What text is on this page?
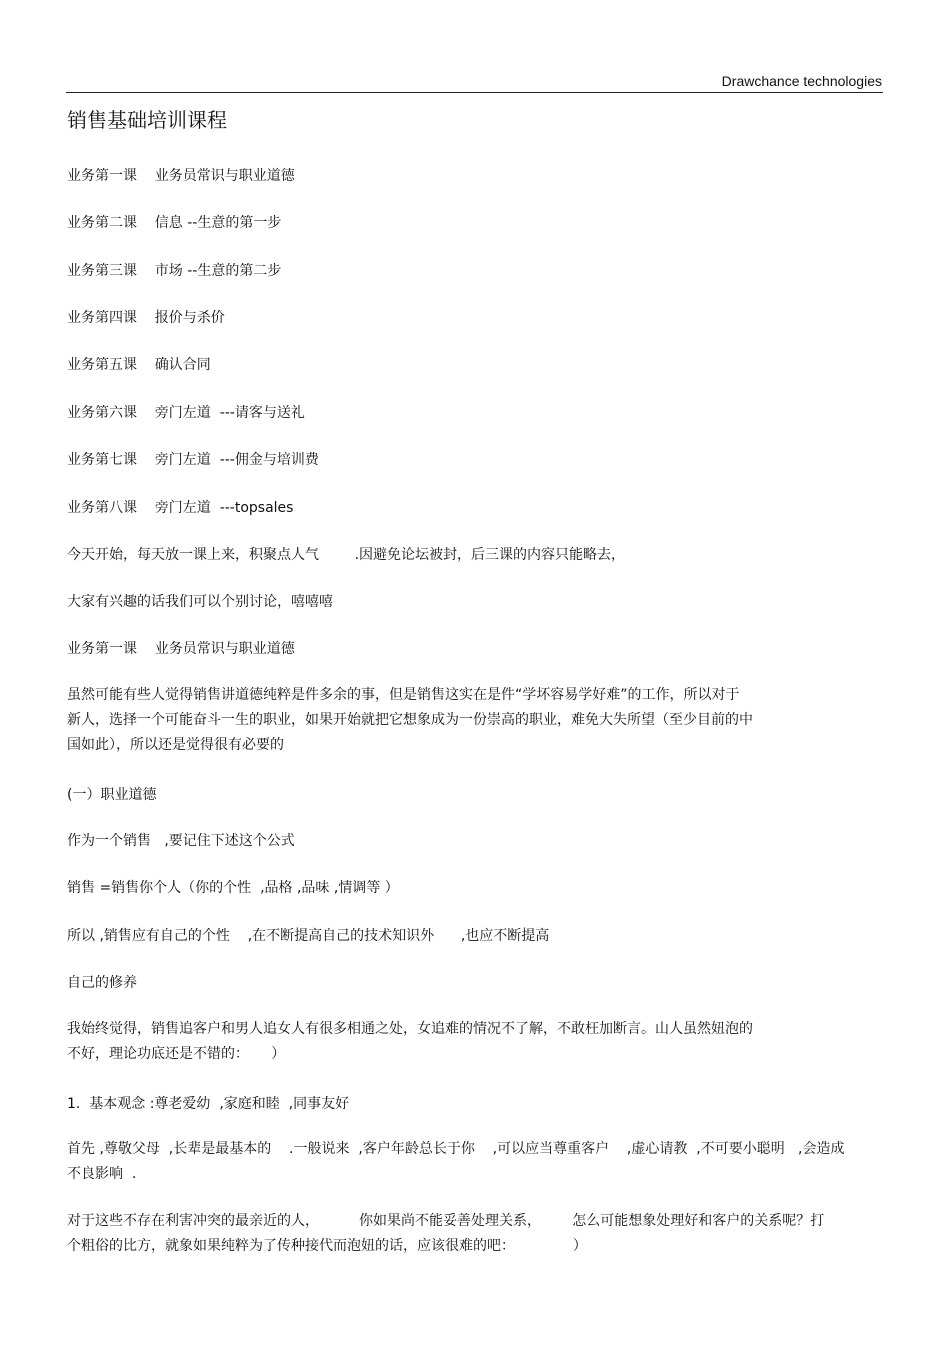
Drawchance technologies
销售基础培训课程
业务第一课    业务员常识与职业道德
业务第二课    信息 --生意的第一步
业务第三课    市场 --生意的第二步
业务第四课    报价与杀价
业务第五课    确认合同
业务第六课    旁门左道  ---请客与送礼
业务第七课    旁门左道  ---佣金与培训费
业务第八课    旁门左道  ---topsales
今天开始，每天放一课上来，积聚点人气        .因避免论坛被封，后三课的内容只能略去，
大家有兴趣的话我们可以个别讨论，嘻嘻嘻
业务第一课    业务员常识与职业道德
虽然可能有些人觉得销售讲道德纯粹是件多余的事，但是销售这实在是件“学坏容易学好难”的工作，所以对于
新人，选择一个可能奋斗一生的职业，如果开始就把它想象成为一份崇高的职业，难免大失所望（至少目前的中
国如此），所以还是觉得很有必要的
(一）职业道德
作为一个销售   ,要记住下述这个公式
销售 =销售你个人（你的个性  ,品格 ,品味 ,情调等 ）
所以 ,销售应有自己的个性    ,在不断提高自己的技术知识外      ,也应不断提高
自己的修养
我始终觉得，销售追客户和男人追女人有很多相通之处，女追难的情况不了解，不敢枉加断言。山人虽然妞泡的
不好，理论功底还是不错的：     ）
1.  基本观念 :尊老爱幼  ,家庭和睦  ,同事友好
首先 ,尊敬父母  ,长辈是最基本的    .一般说来  ,客户年龄总长于你    ,可以应当尊重客户    ,虚心请教  ,不可要小聪明   ,会造成
不良影响  .
对于这些不存在利害冲突的最亲近的人，         你如果尚不能妥善处理关系，       怎么可能想象处理好和客户的关系呢？打
个粗俗的比方，就象如果纯粹为了传种接代而泡妞的话，应该很难的吧：             ）
